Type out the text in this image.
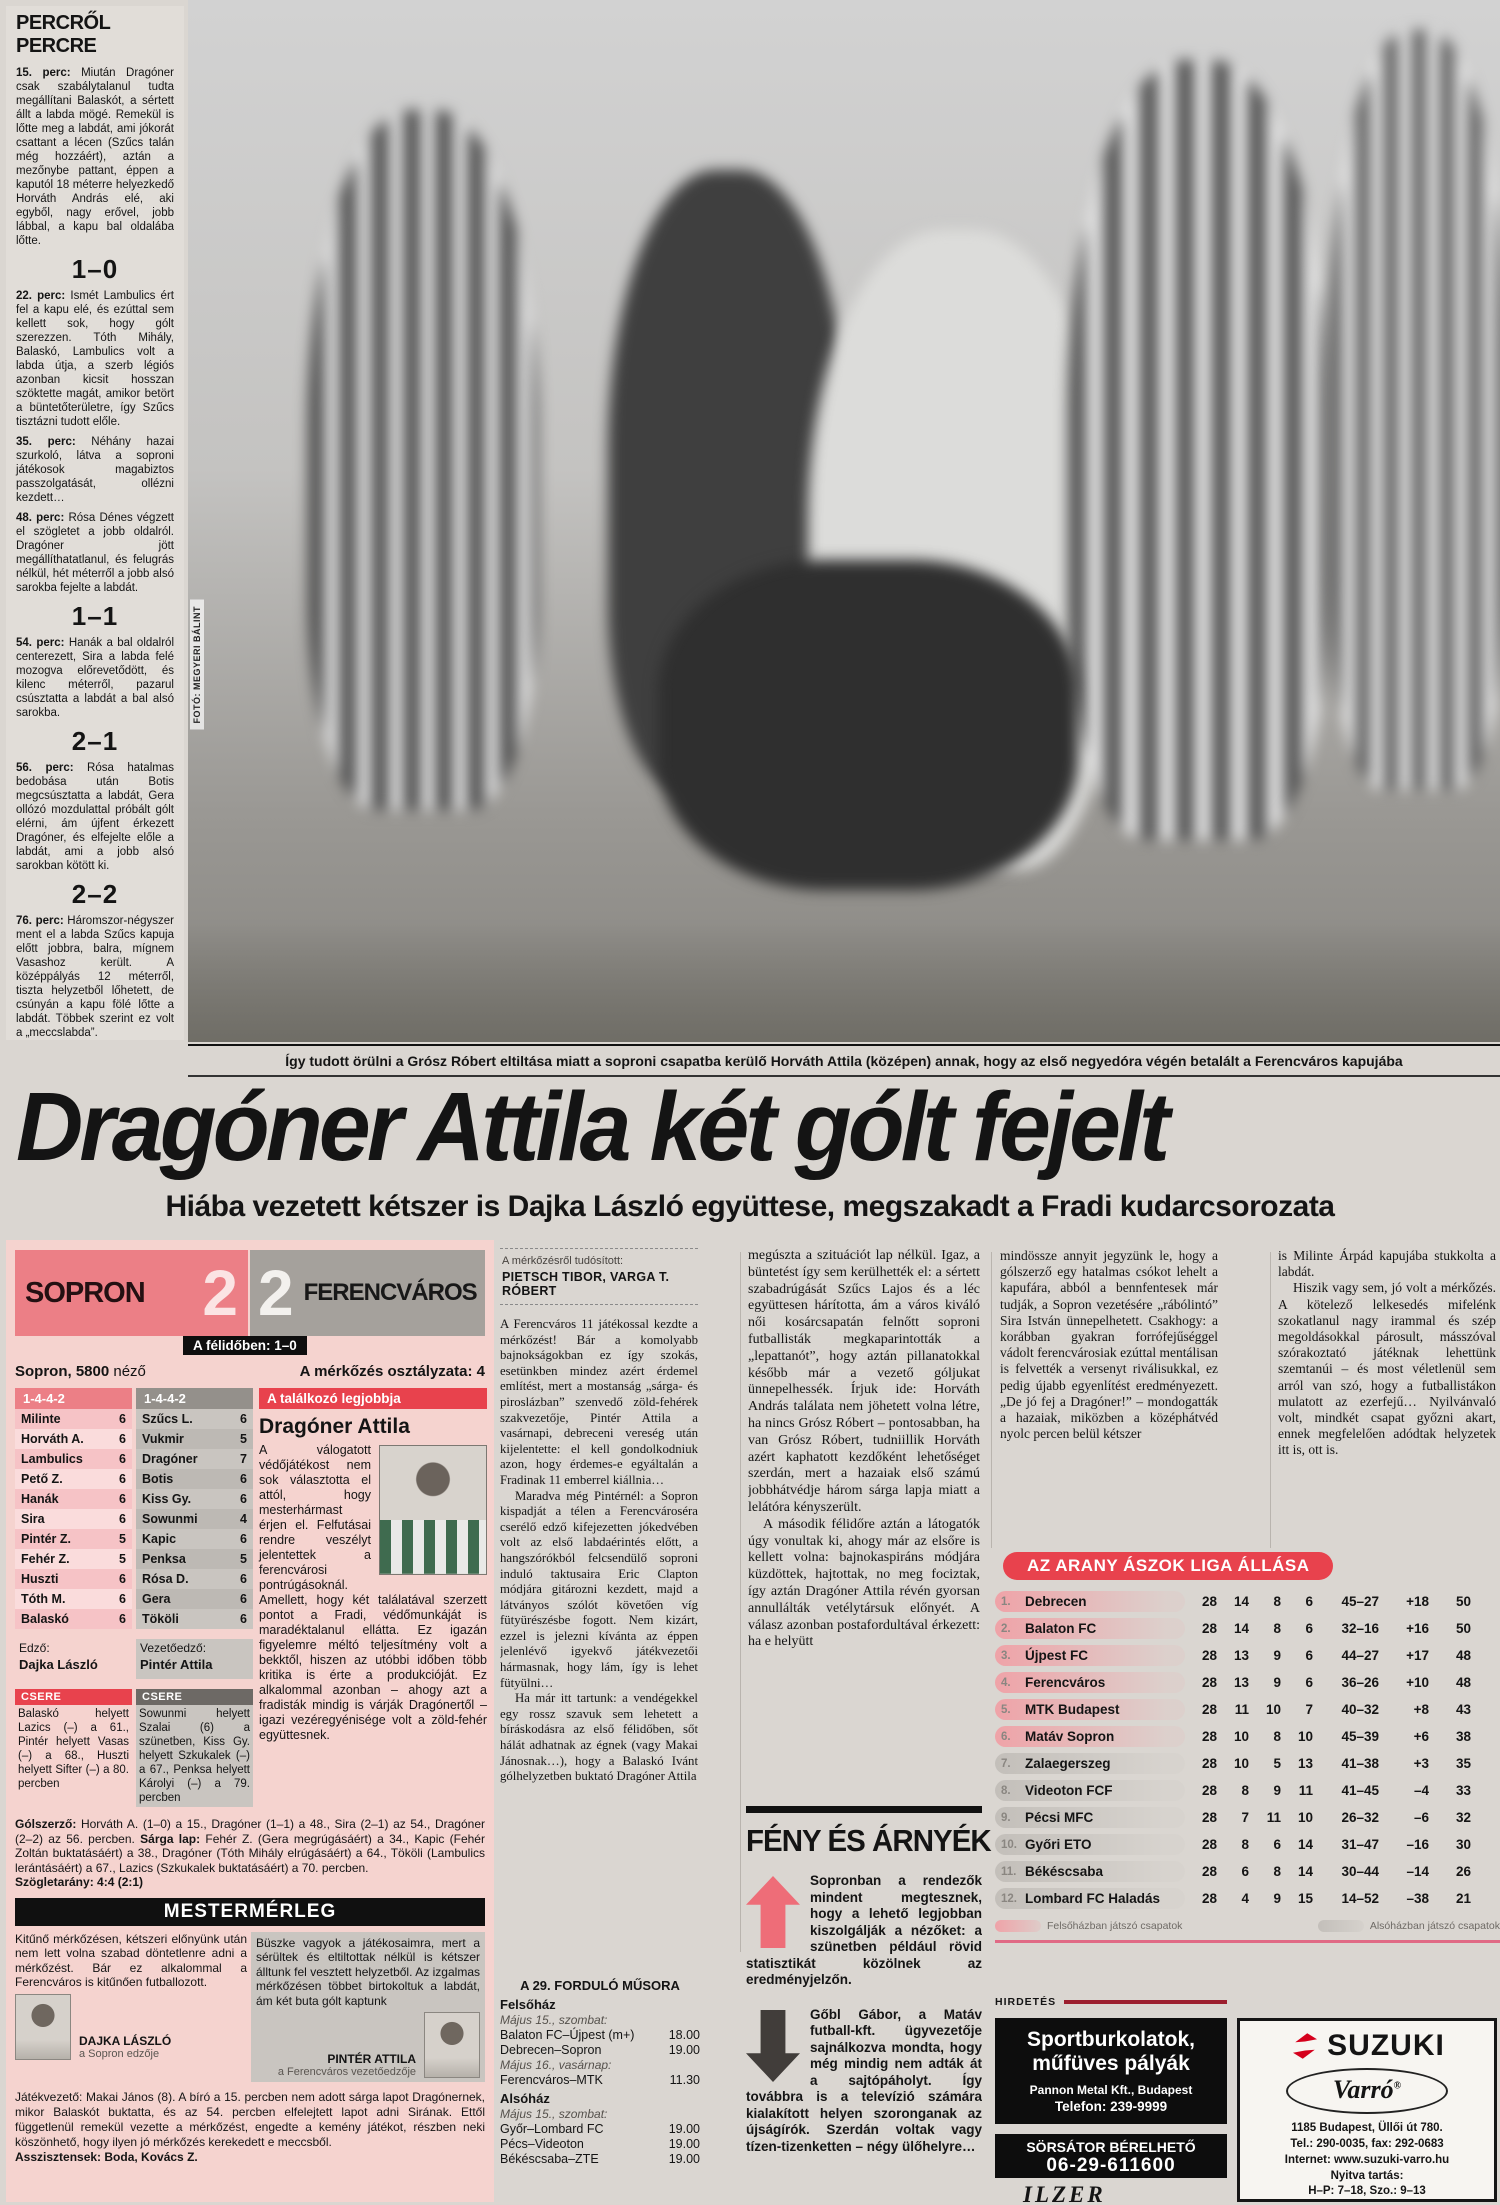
PERCRŐL PERCRE

15. perc: Miután Dragóner csak szabálytalanul tudta megállítani Balaskót, a sértett állt a labda mögé. Remekül is lőtte meg a labdát, ami jókorát csattant a lécen (Szűcs talán még hozzáért), aztán a mezőnybe pattant, éppen a kaputól 18 méterre helyezkedő Horváth András elé, aki egyből, nagy erővel, jobb lábbal, a kapu bal oldalába lőtte.

1–0

22. perc: Ismét Lambulics ért fel a kapu elé, és ezúttal sem kellett sok, hogy gólt szerezzen. Tóth Mihály, Balaskó, Lambulics volt a labda útja, a szerb légiós azonban kicsit hosszan szöktette magát, amikor betört a büntetőterületre, így Szűcs tisztázni tudott előle.

35. perc: Néhány hazai szurkoló, látva a soproni játékosok magabiztos passzolgatását, ollézni kezdett…

48. perc: Rósa Dénes végzett el szögletet a jobb oldalról. Dragóner jött megállíthatatlanul, és felugrás nélkül, hét méterről a jobb alsó sarokba fejelte a labdát.

1–1

54. perc: Hanák a bal oldalról centerezett, Sira a labda felé mozogva előrevetődött, és kilenc méterről, pazarul csúsztatta a labdát a bal alsó sarokba.

2–1

56. perc: Rósa hatalmas bedobása után Botis megcsúsztatta a labdát, Gera ollózó mozdulattal próbált gólt elérni, ám újfent érkezett Dragóner, és elfejelte előle a labdát, ami a jobb alsó sarokban kötött ki.

2–2

76. perc: Háromszor-négyszer ment el a labda Szűcs kapuja előtt jobbra, balra, mígnem Vasashoz került. A középpályás 12 méterről, tiszta helyzetből lőhetett, de csúnyán a kapu fölé lőtte a labdát. Többek szerint ez volt a „meccslabda”.

FOTÓ: MEGYERI BÁLINT
Így tudott örülni a Grósz Róbert eltiltása miatt a soproni csapatba kerülő Horváth Attila (középen) annak, hogy az első negyedóra végén betalált a Ferencváros kapujába
Dragóner Attila két gólt fejelt
Hiába vezetett kétszer is Dajka László együttese, megszakadt a Fradi kudarcsorozata
SOPRON 2 2 FERENCVÁROS
A félidőben: 1–0
Sopron, 5800 néző	A mérkőzés osztályzata: 4
1-4-4-2
Milinte	6
Horváth A.	6
Lambulics	6
Pető Z.	6
Hanák	6
Sira	6
Pintér Z.	5
Fehér Z.	5
Huszti	6
Tóth M.	6
Balaskó	6
Edző:
Dajka László
CSERE
Balaskó helyett Lazics (–) a 61., Pintér helyett Vasas (–) a 68., Huszti helyett Sifter (–) a 80. percben
1-4-4-2
Szűcs L.	6
Vukmir	5
Dragóner	7
Botis	6
Kiss Gy.	6
Sowunmi	4
Kapic	6
Penksa	5
Rósa D.	6
Gera	6
Tököli	6
Vezetőedző:
Pintér Attila
CSERE
Sowunmi helyett Szalai (6) a szünetben, Kiss Gy. helyett Szkukalek (–) a 67., Penksa helyett Károlyi (–) a 79. percben
A találkozó legjobbja
Dragóner Attila
A válogatott védőjátékost nem sok választotta el attól, hogy mesterhármast érjen el. Felfutásai rendre veszélyt jelentettek a ferencvárosi pontrúgásoknál. Amellett, hogy két találatával szerzett pontot a Fradi, védőmunkáját is maradéktalanul ellátta. Ez igazán figyelemre méltó teljesítmény volt a bekktől, hiszen az utóbbi időben több kritika is érte a produkcióját. Ez alkalommal azonban – ahogy azt a fradisták mindig is várják Dragónertől – igazi vezéregyénisége volt a zöld-fehér együttesnek.

Gólszerző: Horváth A. (1–0) a 15., Dragóner (1–1) a 48., Sira (2–1) az 54., Dragóner (2–2) az 56. percben. Sárga lap: Fehér Z. (Gera megrúgásáért) a 34., Kapic (Fehér Zoltán buktatásáért) a 38., Dragóner (Tóth Mihály elrúgásáért) a 64., Tököli (Lambulics lerántásáért) a 67., Lazics (Szkukalek buktatásáért) a 70. percben.
Szögletarány: 4:4 (2:1)

MESTERMÉRLEG

Kitűnő mérkőzésen, kétszeri előnyünk után nem lett volna szabad döntetlenre adni a mérkőzést. Bár ez alkalommal a Ferencváros is kitűnően futballozott.

DAJKA LÁSZLÓ
a Sopron edzője

Büszke vagyok a játékosaimra, mert a sérültek és eltiltottak nélkül is kétszer álltunk fel vesztett helyzetből. Az izgalmas mérkőzésen többet birtokoltuk a labdát, ám két buta gólt kaptunk

PINTÉR ATTILA
a Ferencváros vezetőedzője

Játékvezető: Makai János (8). A bíró a 15. percben nem adott sárga lapot Dragónernek, mikor Balaskót buktatta, és az 54. percben elfelejtett lapot adni Sirának. Ettől függetlenül remekül vezette a mérkőzést, engedte a kemény játékot, részben neki köszönhető, hogy ilyen jó mérkőzés kerekedett e meccsből.
Asszisztensek: Boda, Kovács Z.

A mérkőzésről tudósított:
PIETSCH TIBOR, VARGA T. RÓBERT

A Ferencváros 11 játékossal kezdte a mérkőzést! Bár a komolyabb bajnokságokban ez így szokás, esetünkben mindez azért érdemel említést, mert a mostanság „sárga- és piroslázban” szenvedő zöld-fehérek szakvezetője, Pintér Attila a vasárnapi, debreceni vereség után kijelentette: el kell gondolkodniuk azon, hogy érdemes-e egyáltalán a Fradinak 11 emberrel kiállnia…

Maradva még Pintérnél: a Sopron kispadját a télen a Ferencvároséra cserélő edző kifejezetten jókedvében volt az első labdaérintés előtt, a hangszórókból felcsendülő soproni induló taktusaira Eric Clapton módjára gitározni kezdett, majd a látványos szólót követően víg fütyürészésbe fogott. Nem kizárt, ezzel is jelezni kívánta az éppen jelenlévő igyekvő játékvezetői hármasnak, hogy lám, így is lehet fütyülni…

Ha már itt tartunk: a vendégekkel egy rossz szavuk sem lehetett a bíráskodásra az első félidőben, sőt hálát adhatnak az égnek (vagy Makai Jánosnak…), hogy a Balaskó Ivánt gólhelyzetben buktató Dragóner Attila

megúszta a szituációt lap nélkül. Igaz, a büntetést így sem kerülhették el: a sértett szabadrúgását Szűcs Lajos és a léc együttesen hárította, ám a város kiváló női kosárcsapatán felnőtt soproni futballisták megkaparintották a „lepattanót”, hogy aztán pillanatokkal később már a vezető góljukat ünnepelhessék. Írjuk ide: Horváth András találata nem jöhetett volna létre, ha nincs Grósz Róbert – pontosabban, ha van Grósz Róbert, tudniillik Horváth azért kaphatott kezdőként lehetőséget szerdán, mert a hazaiak első számú jobbhátvédje három sárga lapja miatt a lelátóra kényszerült.

A második félidőre aztán a látogatók úgy vonultak ki, ahogy már az elsőre is kellett volna: bajnokaspiráns módjára küzdöttek, hajtottak, no meg fociztak, így aztán Dragóner Attila révén gyorsan annullálták vetélytársuk előnyét. A válasz azonban postafordultával érkezett: ha e helyütt

mindössze annyit jegyzünk le, hogy a gólszerző egy hatalmas csókot lehelt a kapufára, abból a bennfentesek már tudják, a Sopron vezetésére „rábólintó” Sira István ünnepelhetett. Csakhogy: a korábban gyakran forrófejűséggel vádolt ferencvárosiak ezúttal mentálisan is felvették a versenyt riválisukkal, ez pedig újabb egyenlítést eredményezett. „De jó fej a Dragóner!” – mondogatták a hazaiak, miközben a középhátvéd nyolc percen belül kétszer

is Milinte Árpád kapujába stukkolta a labdát.

Hiszik vagy sem, jó volt a mérkőzés. A kötelező lelkesedés mifelénk szokatlanul nagy irammal és szép megoldásokkal párosult, másszóval szórakoztató játéknak lehettünk szemtanúi – és most véletlenül sem arról van szó, hogy a futballistákon mulatott az ezerfejű… Nyilvánvaló volt, mindkét csapat győzni akart, ennek megfelelően adódtak helyzetek itt is, ott is.

A 29. FORDULÓ MŰSORA
Felsőház
Május 15., szombat:
Balaton FC–Újpest (m+)	18.00
Debrecen–Sopron	19.00
Május 16., vasárnap:
Ferencváros–MTK	11.30
Alsóház
Május 15., szombat:
Győr–Lombard FC	19.00
Pécs–Videoton	19.00
Békéscsaba–ZTE	19.00
FÉNY ÉS ÁRNYÉK
Sopronban a rendezők mindent megtesznek, hogy a lehető legjobban kiszolgálják a nézőket: a szünetben például rövid statisztikát közölnek az eredményjelzőn.
Gőbl Gábor, a Matáv futball-kft. ügyvezetője sajnálkozva mondta, hogy még mindig nem adták át a sajtópáholyt. Így továbbra is a televízió számára kialakított helyen szoronganak az újságírók. Szerdán voltak vagy tízen-tizenketten – négy ülőhelyre…
AZ ARANY ÁSZOK LIGA ÁLLÁSA
1.	Debrecen	28	14	8	6	45–27	+18	50
2.	Balaton FC	28	14	8	6	32–16	+16	50
3.	Újpest FC	28	13	9	6	44–27	+17	48
4.	Ferencváros	28	13	9	6	36–26	+10	48
5.	MTK Budapest	28	11	10	7	40–32	+8	43
6.	Matáv Sopron	28	10	8	10	45–39	+6	38
7.	Zalaegerszeg	28	10	5	13	41–38	+3	35
8.	Videoton FCF	28	8	9	11	41–45	–4	33
9.	Pécsi MFC	28	7	11	10	26–32	–6	32
10. Győri ETO	28	8	6	14	31–47	–16	30
11. Békéscsaba	28	6	8	14	30–44	–14	26
12. Lombard FC Haladás	28	4	9	15	14–52	–38	21
Felsőházban játszó csapatok	Alsóházban játszó csapatok
HIRDETÉS
Sportburkolatok,
műfüves pályák
Pannon Metal Kft., Budapest
Telefon: 239-9999
SÖRSÁTOR BÉRELHETŐ
06-29-611600
ILZER
SUZUKI
Varró®
1185 Budapest, Üllői út 780.
Tel.: 290-0035, fax: 292-0683
Internet: www.suzuki-varro.hu
Nyitva tartás:
H–P: 7–18, Szo.: 9–13
